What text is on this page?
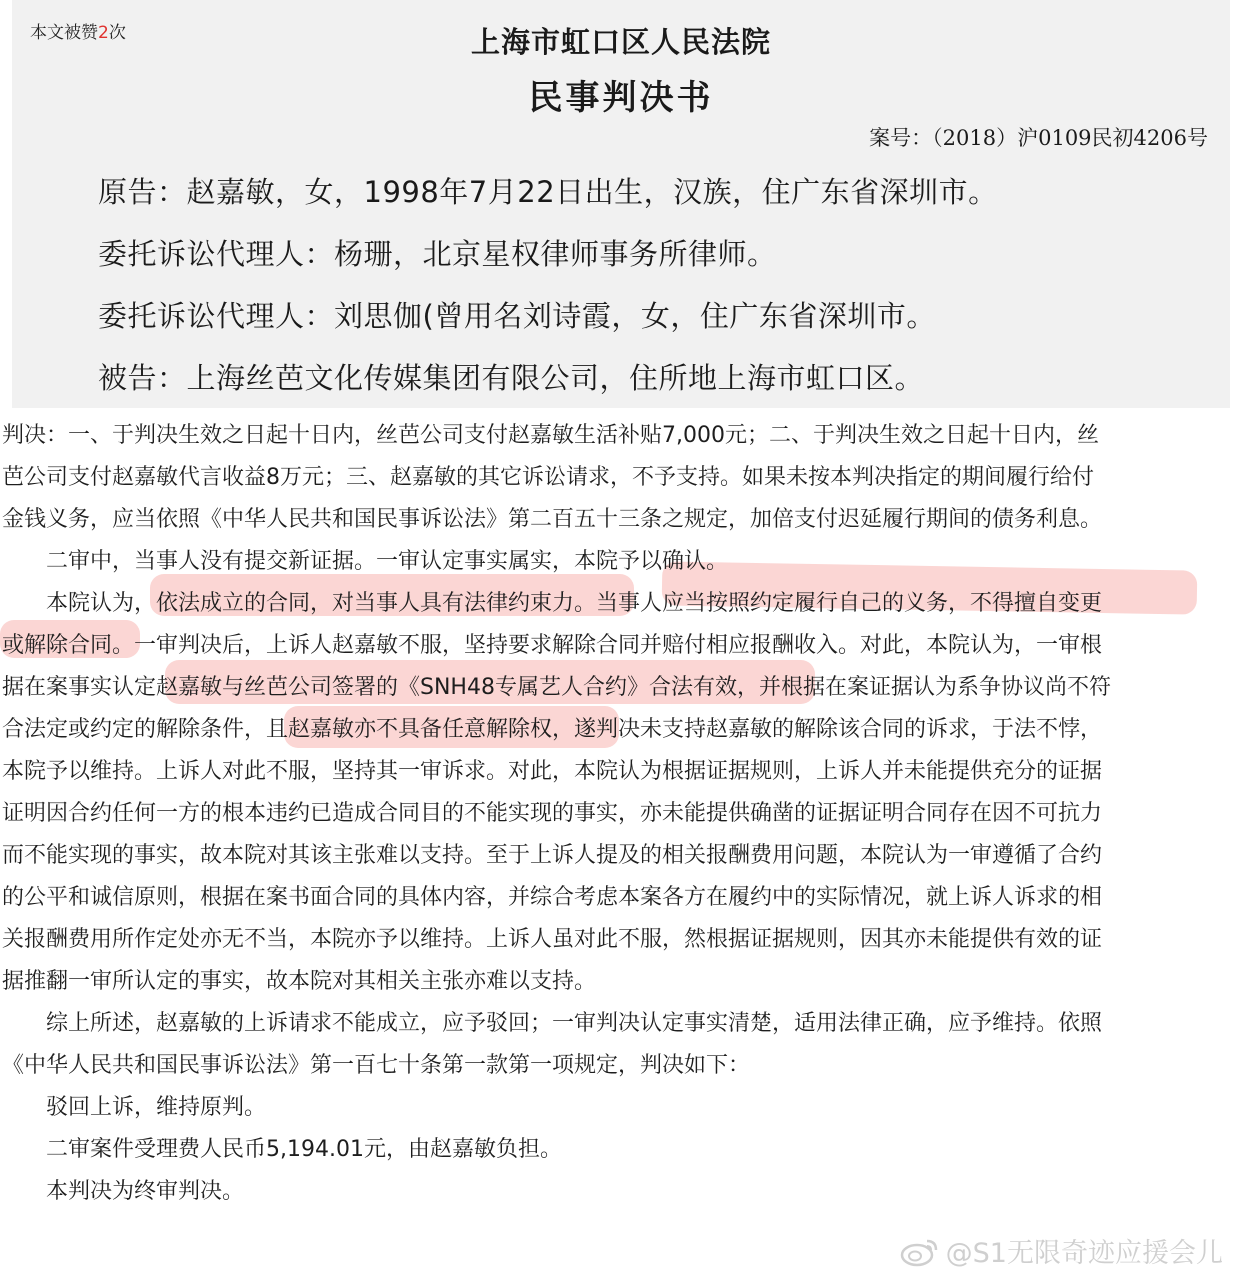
本文被赞2次	上海市虹口区人民法院
民事判决书
案号：（2018）沪0109民初4206号
原告：赵嘉敏，女，1998年7月22日出生，汉族，住广东省深圳市。
委托诉讼代理人：杨珊，北京星权律师事务所律师。
委托诉讼代理人：刘思伽(曾用名刘诗霞，女，住广东省深圳市。
被告：上海丝芭文化传媒集团有限公司，住所地上海市虹口区。
判决：一、于判决生效之日起十日内，丝芭公司支付赵嘉敏生活补贴7,000元；二、于判决生效之日起十日内，丝
芭公司支付赵嘉敏代言收益8万元；三、赵嘉敏的其它诉讼请求，不予支持。如果未按本判决指定的期间履行给付
金钱义务，应当依照《中华人民共和国民事诉讼法》第二百五十三条之规定，加倍支付迟延履行期间的债务利息。
　　二审中，当事人没有提交新证据。一审认定事实属实，本院予以确认。
　　本院认为，依法成立的合同，对当事人具有法律约束力。当事人应当按照约定履行自己的义务，不得擅自变更
或解除合同。一审判决后，上诉人赵嘉敏不服，坚持要求解除合同并赔付相应报酬收入。对此，本院认为，一审根
据在案事实认定赵嘉敏与丝芭公司签署的《SNH48专属艺人合约》合法有效，并根据在案证据认为系争协议尚不符
合法定或约定的解除条件，且赵嘉敏亦不具备任意解除权，遂判决未支持赵嘉敏的解除该合同的诉求，于法不悖，
本院予以维持。上诉人对此不服，坚持其一审诉求。对此，本院认为根据证据规则，上诉人并未能提供充分的证据
证明因合约任何一方的根本违约已造成合同目的不能实现的事实，亦未能提供确凿的证据证明合同存在因不可抗力
而不能实现的事实，故本院对其该主张难以支持。至于上诉人提及的相关报酬费用问题，本院认为一审遵循了合约
的公平和诚信原则，根据在案书面合同的具体内容，并综合考虑本案各方在履约中的实际情况，就上诉人诉求的相
关报酬费用所作定处亦无不当，本院亦予以维持。上诉人虽对此不服，然根据证据规则，因其亦未能提供有效的证
据推翻一审所认定的事实，故本院对其相关主张亦难以支持。
　　综上所述，赵嘉敏的上诉请求不能成立，应予驳回；一审判决认定事实清楚，适用法律正确，应予维持。依照
《中华人民共和国民事诉讼法》第一百七十条第一款第一项规定，判决如下：
　　驳回上诉，维持原判。
　　二审案件受理费人民币5,194.01元，由赵嘉敏负担。
　　本判决为终审判决。
@S1无限奇迹应援会儿
